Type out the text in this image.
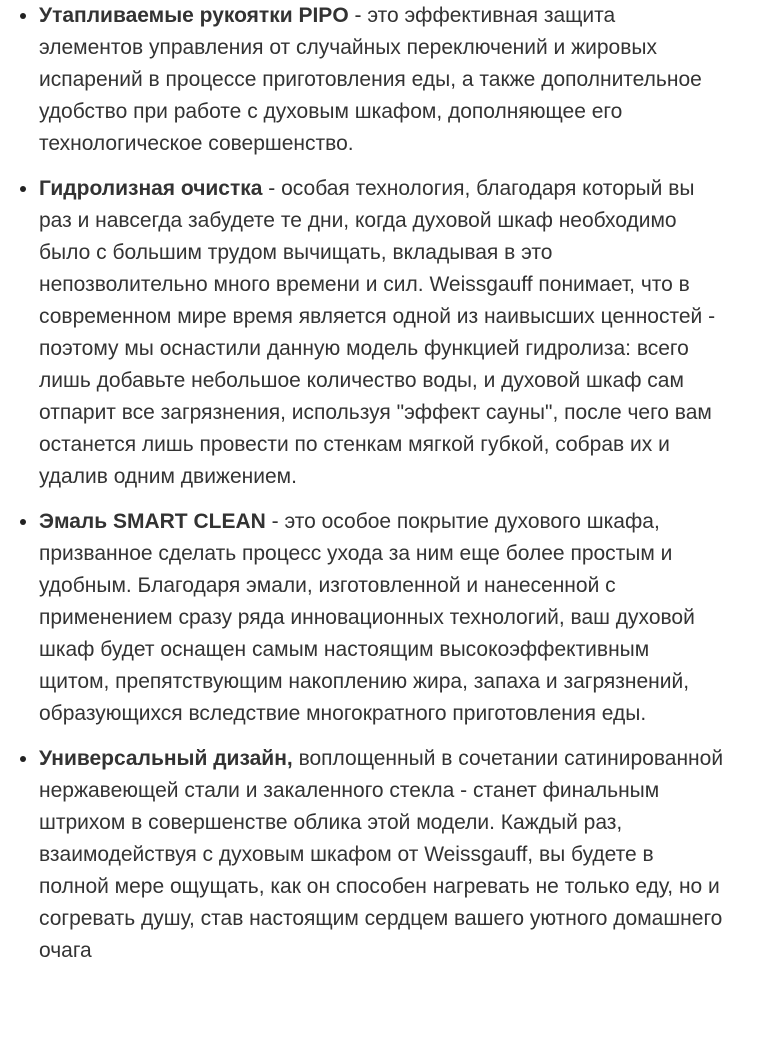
Утапливаемые рукоятки PIPO - это эффективная защита элементов управления от случайных переключений и жировых испарений в процессе приготовления еды, а также дополнительное удобство при работе с духовым шкафом, дополняющее его технологическое совершенство.
Гидролизная очистка - особая технология, благодаря который вы раз и навсегда забудете те дни, когда духовой шкаф необходимо было с большим трудом вычищать, вкладывая в это непозволительно много времени и сил. Weissgauff понимает, что в современном мире время является одной из наивысших ценностей - поэтому мы оснастили данную модель функцией гидролиза: всего лишь добавьте небольшое количество воды, и духовой шкаф сам отпарит все загрязнения, используя "эффект сауны", после чего вам останется лишь провести по стенкам мягкой губкой, собрав их и удалив одним движением.
Эмаль SMART CLEAN - это особое покрытие духового шкафа, призванное сделать процесс ухода за ним еще более простым и удобным. Благодаря эмали, изготовленной и нанесенной с применением сразу ряда инновационных технологий, ваш духовой шкаф будет оснащен самым настоящим высокоэффективным щитом, препятствующим накоплению жира, запаха и загрязнений, образующихся вследствие многократного приготовления еды.
Универсальный дизайн, воплощенный в сочетании сатинированной нержавеющей стали и закаленного стекла - станет финальным штрихом в совершенстве облика этой модели. Каждый раз, взаимодействуя с духовым шкафом от Weissgauff, вы будете в полной мере ощущать, как он способен нагревать не только еду, но и согревать душу, став настоящим сердцем вашего уютного домашнего очага
